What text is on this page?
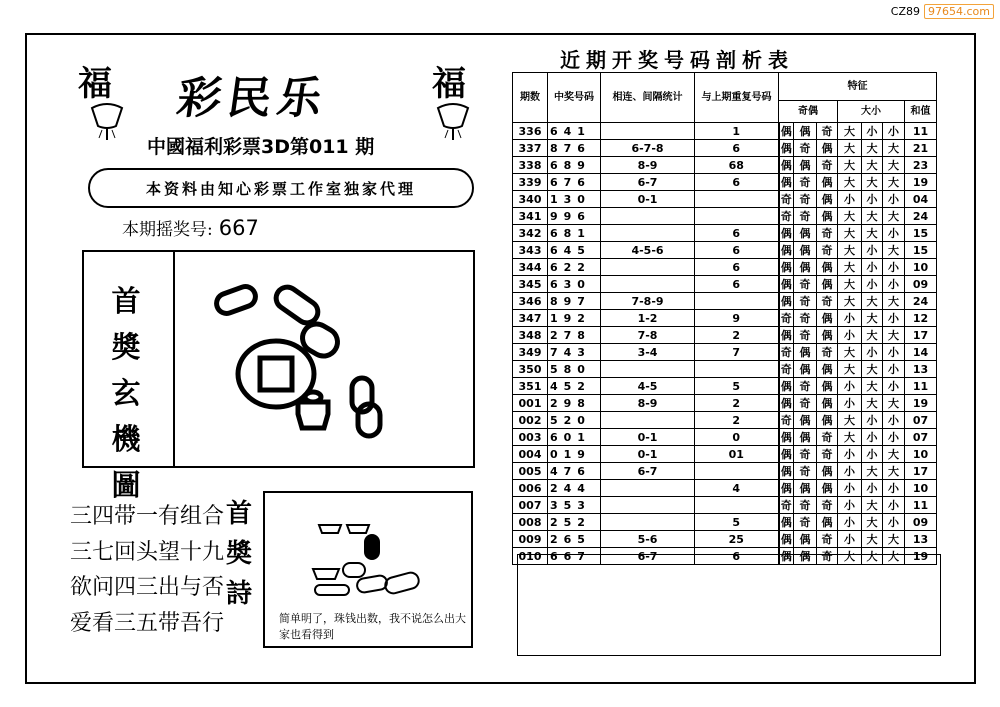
CZ89 97654.com
福	福
彩民乐
中國福利彩票3D第011 期
本资料由知心彩票工作室独家代理
本期摇奖号: 667
首
奬
玄
機
圖
三四带一有组合
三七回头望十九
欲问四三出与否
爱看三五带吾行
首
奬
詩
简单明了，珠钱出数，我不说怎么出大家也看得到
近期开奖号码剖析表
期数	中奖号码	相连、间隔统计	与上期重复号码	特征						
				奇偶			大小			和值
336	641		1	偶	偶	奇	大	小	小	11
337	876	6-7-8	6	偶	奇	偶	大	大	大	21
338	689	8-9	68	偶	偶	奇	大	大	大	23
339	676	6-7	6	偶	奇	偶	大	大	大	19
340	130	0-1		奇	奇	偶	小	小	小	04
341	996			奇	奇	偶	大	大	大	24
342	681		6	偶	偶	奇	大	大	小	15
343	645	4-5-6	6	偶	偶	奇	大	小	大	15
344	622		6	偶	偶	偶	大	小	小	10
345	630		6	偶	奇	偶	大	小	小	09
346	897	7-8-9		偶	奇	奇	大	大	大	24
347	192	1-2	9	奇	奇	偶	小	大	小	12
348	278	7-8	2	偶	奇	偶	小	大	大	17
349	743	3-4	7	奇	偶	奇	大	小	小	14
350	580			奇	偶	偶	大	大	小	13
351	452	4-5	5	偶	奇	偶	小	大	小	11
001	298	8-9	2	偶	奇	偶	小	大	大	19
002	520		2	奇	偶	偶	大	小	小	07
003	601	0-1	0	偶	偶	奇	大	小	小	07
004	019	0-1	01	偶	奇	奇	小	小	大	10
005	476	6-7		偶	奇	偶	小	大	大	17
006	244		4	偶	偶	偶	小	小	小	10
007	353			奇	奇	奇	小	大	小	11
008	252		5	偶	奇	偶	小	大	小	09
009	265	5-6	25	偶	偶	奇	小	大	大	13
010	667	6-7	6	偶	偶	奇	大	大	大	19
